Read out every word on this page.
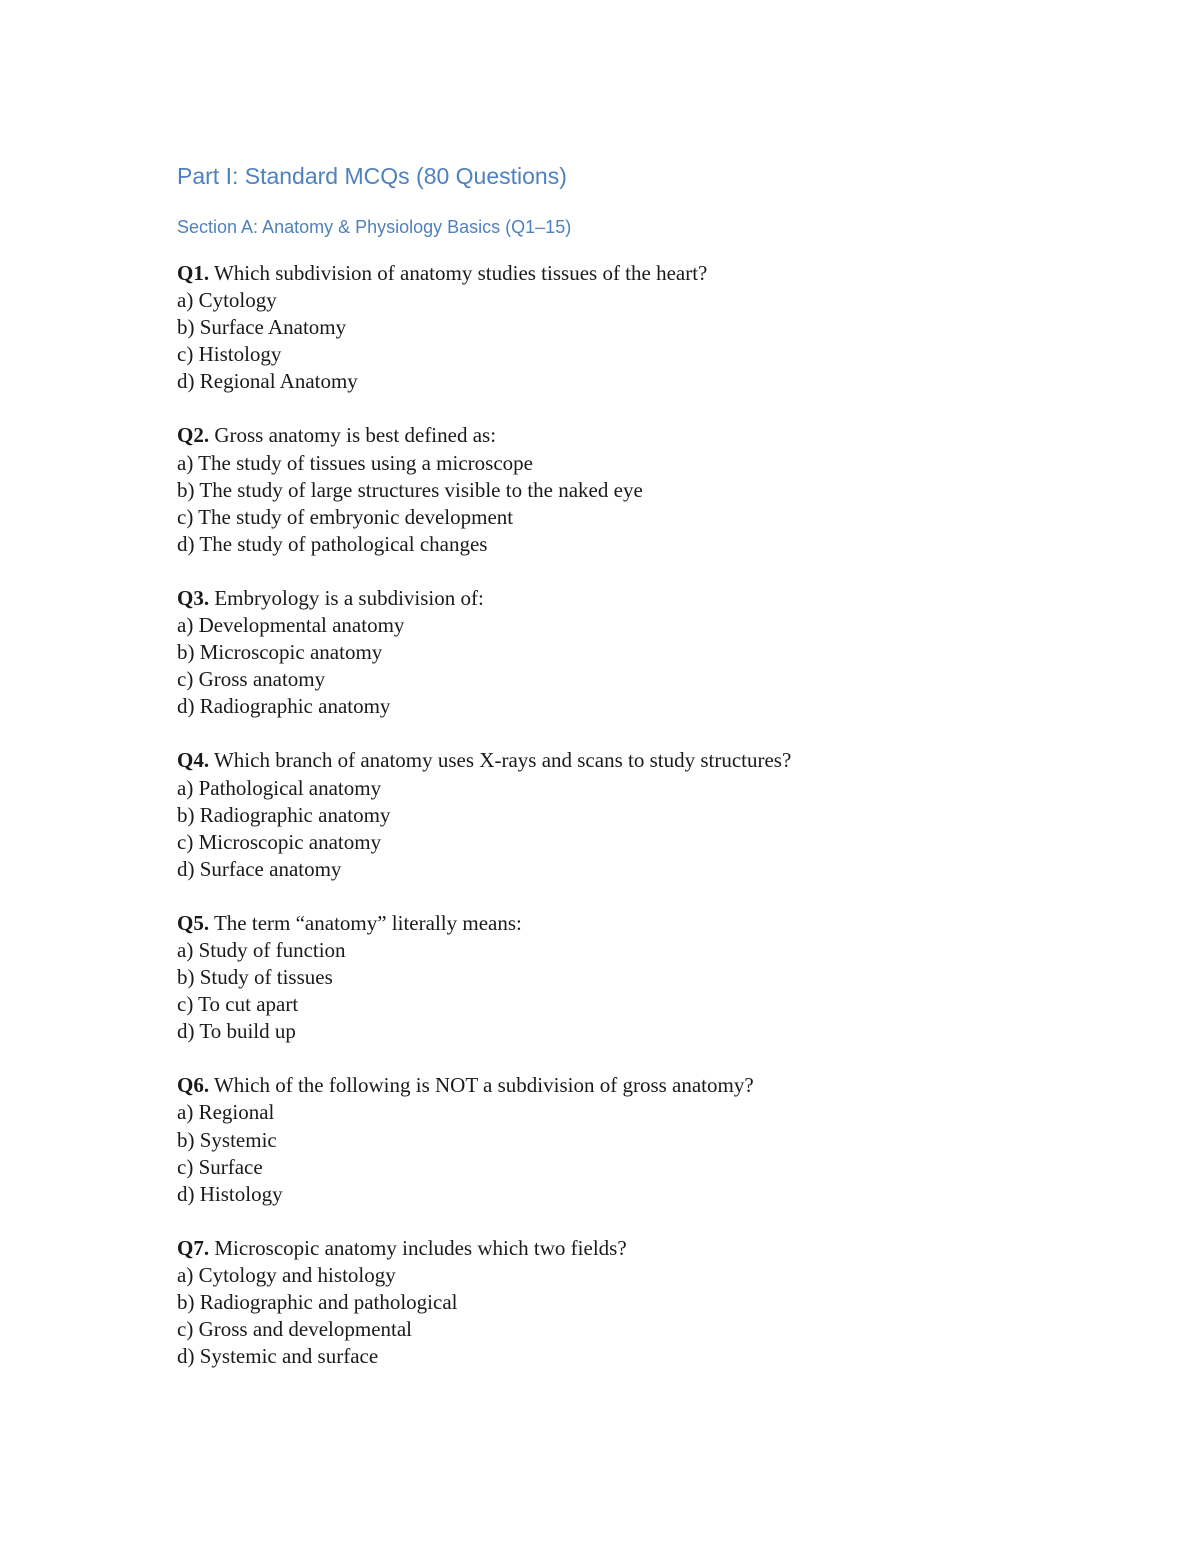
Part I: Standard MCQs (80 Questions)
Section A: Anatomy & Physiology Basics (Q1–15)
Q1. Which subdivision of anatomy studies tissues of the heart?
a) Cytology
b) Surface Anatomy
c) Histology
d) Regional Anatomy
Q2. Gross anatomy is best defined as:
a) The study of tissues using a microscope
b) The study of large structures visible to the naked eye
c) The study of embryonic development
d) The study of pathological changes
Q3. Embryology is a subdivision of:
a) Developmental anatomy
b) Microscopic anatomy
c) Gross anatomy
d) Radiographic anatomy
Q4. Which branch of anatomy uses X-rays and scans to study structures?
a) Pathological anatomy
b) Radiographic anatomy
c) Microscopic anatomy
d) Surface anatomy
Q5. The term “anatomy” literally means:
a) Study of function
b) Study of tissues
c) To cut apart
d) To build up
Q6. Which of the following is NOT a subdivision of gross anatomy?
a) Regional
b) Systemic
c) Surface
d) Histology
Q7. Microscopic anatomy includes which two fields?
a) Cytology and histology
b) Radiographic and pathological
c) Gross and developmental
d) Systemic and surface
